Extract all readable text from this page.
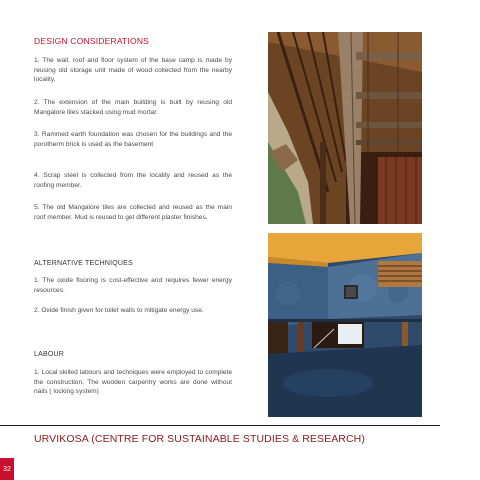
DESIGN CONSIDERATIONS

1. The wall, roof and floor system of the base camp is made by reusing old storage unit made of wood collected from the nearby locality.

2. The extension of the main building is built by reusing old Mangalore tiles stacked using mud mortar.

3. Rammed earth foundation was chosen for the buildings and the porotherm brick is used as the basement

4. Scrap steel is collected from the locality and reused as the roofing member.

5. The old Mangalore tiles are collected and reused as the main roof member. Mud is reused to get different plaster finishes.

ALTERNATIVE TECHNIQUES

1. The oxide flooring is cost-effective and requires fewer energy resources.

2. Oxide finish given for toilet walls to mitigate energy use.

LABOUR

1. Local skilled labours and techniques were employed to complete the construction. The wooden carpentry works are done without nails ( locking system)

URVIKOSA (CENTRE FOR SUSTAINABLE STUDIES & RESEARCH)
32
